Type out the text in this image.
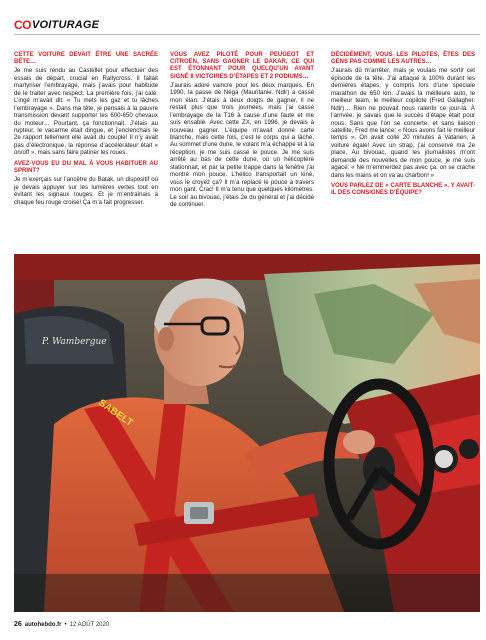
CO VOITURAGE
CETTE VOITURE DEVAIT ÊTRE UNE SACRÉE BÊTE…
Je me suis rendu au Castellet pour effectuer des essais de départ, crucial en Rallycross. Il fallait martyriser l’embrayage, mais j’avais pour habitude de le traiter avec respect. La première fois, j’ai calé. L’ingé m’avait dit: « Tu mets les gaz et tu lâches l’embrayage ». Dans ma tête, je pensais à la pauvre transmission devant supporter les 600-650 chevaux du moteur… Pourtant, ça fonctionnait. J’étais au rupteur, le vacarme était dingue, et j’enclenchais le 2e rapport tellement elle avait du couple! Il n’y avait pas d’électronique, la réponse d’accélérateur était « on/off », mais sans faire patiner les roues.
AVEZ-VOUS EU DU MAL À VOUS HABITUER AU SPRINT?
Je m’exerçais sur l’ancêtre du Batak, un dispositif où je devais appuyer sur les lumières vertes tout en évitant les signaux rouges. Et je m’entraînais à chaque feu rouge croisé! Ça m’a fait progresser.
VOUS AVEZ PILOTÉ POUR PEUGEOT ET CITROËN, SANS GAGNER LE DAKAR, CE QUI EST ÉTONNANT POUR QUELQU’UN AYANT SIGNÉ 8 VICTOIRES D’ÉTAPES ET 2 PODIUMS…
J’aurais adoré vaincre pour les deux marques. En 1990, la passe de Néga (Mauritanie. Ndlr) a cassé mon élan. J’étais à deux doigts de gagner, il ne restait plus que trois journées, mais j’ai cassé l’embrayage de la T16 à cause d’une faute et me suis ensablé. Avec cette ZX, en 1996, je devais à nouveau gagner. L’équipe m’avait donné carte blanche, mais cette fois, c’est le corps qui a lâché. Au sommet d’une dune, le volant m’a échappé et à la réception, je me suis cassé le pouce. Je me suis arrêté au bas de cette dune, où un hélicoptère stationnait, et par la petite trappe dans la fenêtre j’ai montré mon pouce. L’hélico transportait un kiné, vous le croyez ça? Il m’a replacé le pouce à travers mon gant. Crac! Il m’a tenu que quelques kilomètres. Le soir au bivouac, j’étais 2e du général et j’ai décidé de continuer.
DÉCIDÉMENT, VOUS LES PILOTES, ÊTES DES GENS PAS COMME LES AUTRES…
J’aurais dû m’arrêter, mais je voulais me sortir cet épisode de la tête. J’ai attaqué à 100% durant les dernières étapes, y compris lors d’une spéciale marathon de 650 km. J’avais la meilleure auto, le meilleur team, le meilleur copilote (Fred Gallagher. Ndlr)… Rien ne pouvait nous ralentir ce jour-là. À l’arrivée, je savais que le succès d’étape était pour nous. Sans que l’on se concerte, et sans liaison satellite, Fred me lance: « Nous avons fait le meilleur temps ». On avait collé 20 minutes à Vatanen, à voiture égale! Avec un strap, j’ai conservé ma 2e place. Au bivouac, quand les journalistes m’ont demandé des nouvelles de mon pouce, je me suis agacé: « Ne m’emmerdez pas avec ça, on se crache dans les mains et on va au charbon! »
VOUS PARLEZ DE « CARTE BLANCHE ». Y AVAIT-IL DES CONSIGNES D’ÉQUIPE?
P. Wambergue
SABELT
26 autohebdo.fr • 12 AOÛT 2020
